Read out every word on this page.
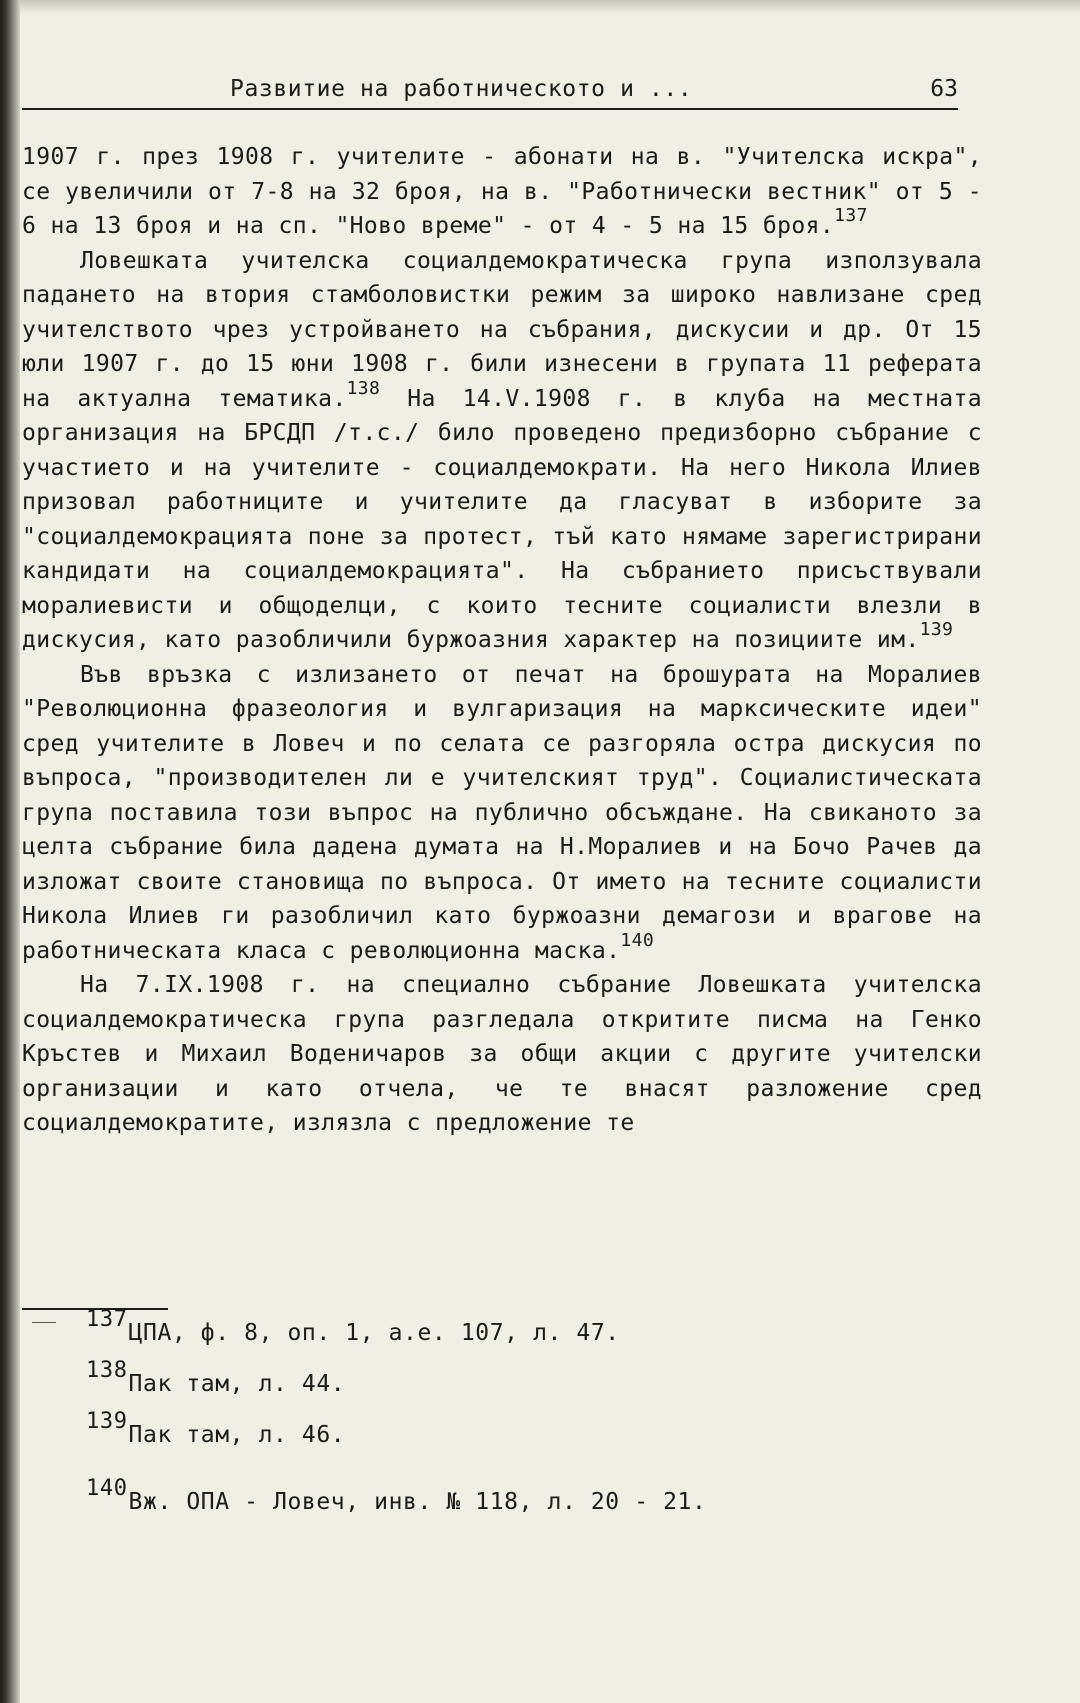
Развитие на работническото и ...	63

1907 г. през 1908 г. учителите - абонати на в. "Учителска искра", се увеличили от 7-8 на 32 броя, на в. "Работнически вестник" от 5 - 6 на 13 броя и на сп. "Ново време" - от 4 - 5 на 15 броя.$^{137}$

Ловешката учителска социалдемократическа група използувала падането на втория стамболовистки режим за широко навлизане сред учителството чрез устройването на събрания, дискусии и др. От 15 юли 1907 г. до 15 юни 1908 г. били изнесени в групата 11 реферата на актуална тематика.$^{138}$ На 14.V.1908 г. в клуба на местната организация на БРСДП /т.с./ било проведено предизборно събрание с участието и на учителите - социалдемократи. На него Никола Илиев призовал работниците и учителите да гласуват в изборите за "социалдемокрацията поне за протест, тъй като нямаме зарегистрирани кандидати на социалдемокрацията". На събранието присъствували моралиевисти и общоделци, с които тесните социалисти влезли в дискусия, като разобличили буржоазния характер на позициите им.$^{139}$

Във връзка с излизането от печат на брошурата на Моралиев "Революционна фразеология и вулгаризация на марксическите идеи" сред учителите в Ловеч и по селата се разгоряла остра дискусия по въпроса, "производителен ли е учителският труд". Социалистическата група поставила този въпрос на публично обсъждане. На свиканото за целта събрание била дадена думата на Н.Моралиев и на Бочо Рачев да изложат своите становища по въпроса. От името на тесните социалисти Никола Илиев ги разобличил като буржоазни демагози и врагове на работническата класа с революционна маска.$^{140}$

На 7.IX.1908 г. на специално събрание Ловешката учителска социалдемократическа група разгледала откритите писма на Генко Кръстев и Михаил Воденичаров за общи акции с другите учителски организации и като отчела, че те внасят разложение сред социалдемократите, излязла с предложение те

137ЦПА, ф. 8, оп. 1, а.е. 107, л. 47.
138Пак там, л. 44.
139Пак там, л. 46.
140Вж. ОПА - Ловеч, инв. № 118, л. 20 - 21.
